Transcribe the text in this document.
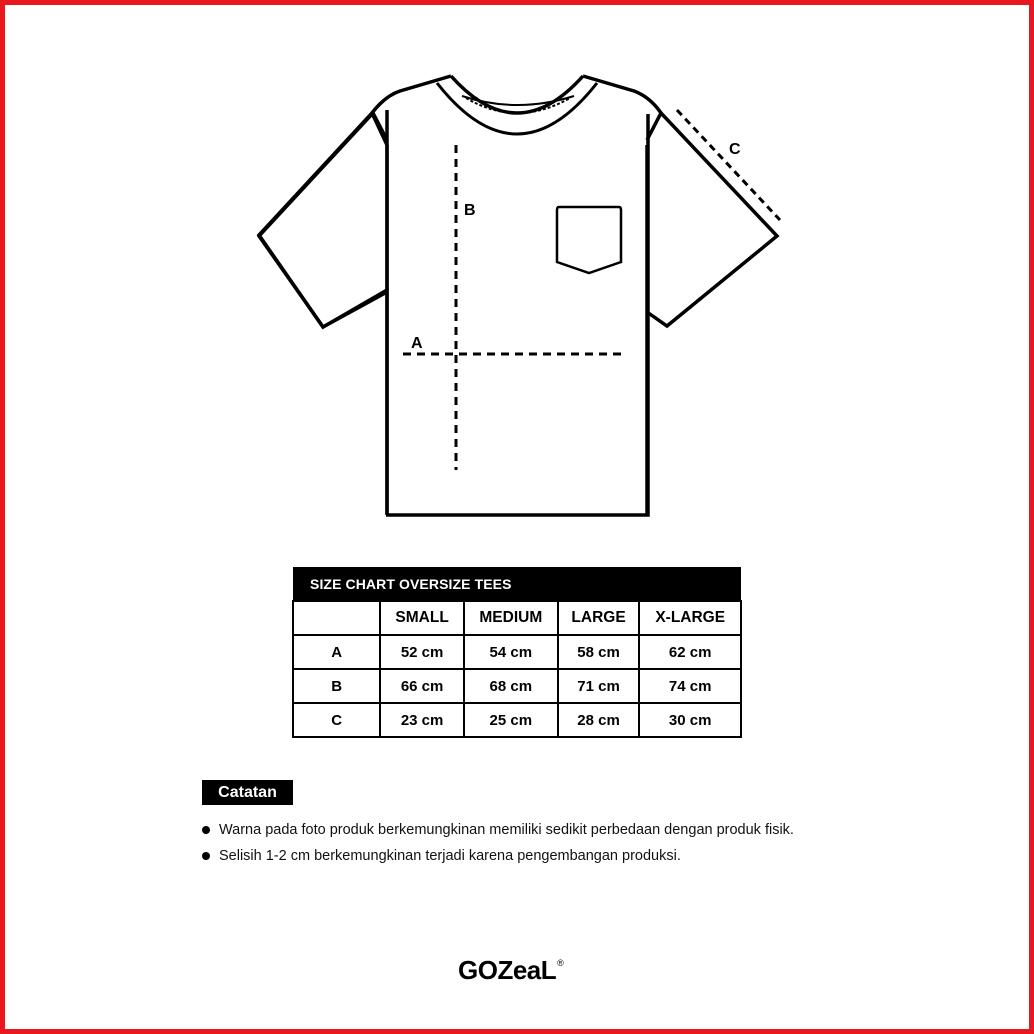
A
B
C
SIZE CHART OVERSIZE TEES				
	SMALL	MEDIUM	LARGE	X-LARGE
A	52 cm	54 cm	58 cm	62 cm
B	66 cm	68 cm	71 cm	74 cm
C	23 cm	25 cm	28 cm	30 cm
Catatan
Warna pada foto produk berkemungkinan memiliki sedikit perbedaan dengan produk fisik.
Selisih 1-2 cm berkemungkinan terjadi karena pengembangan produksi.
GOZeaL ®
